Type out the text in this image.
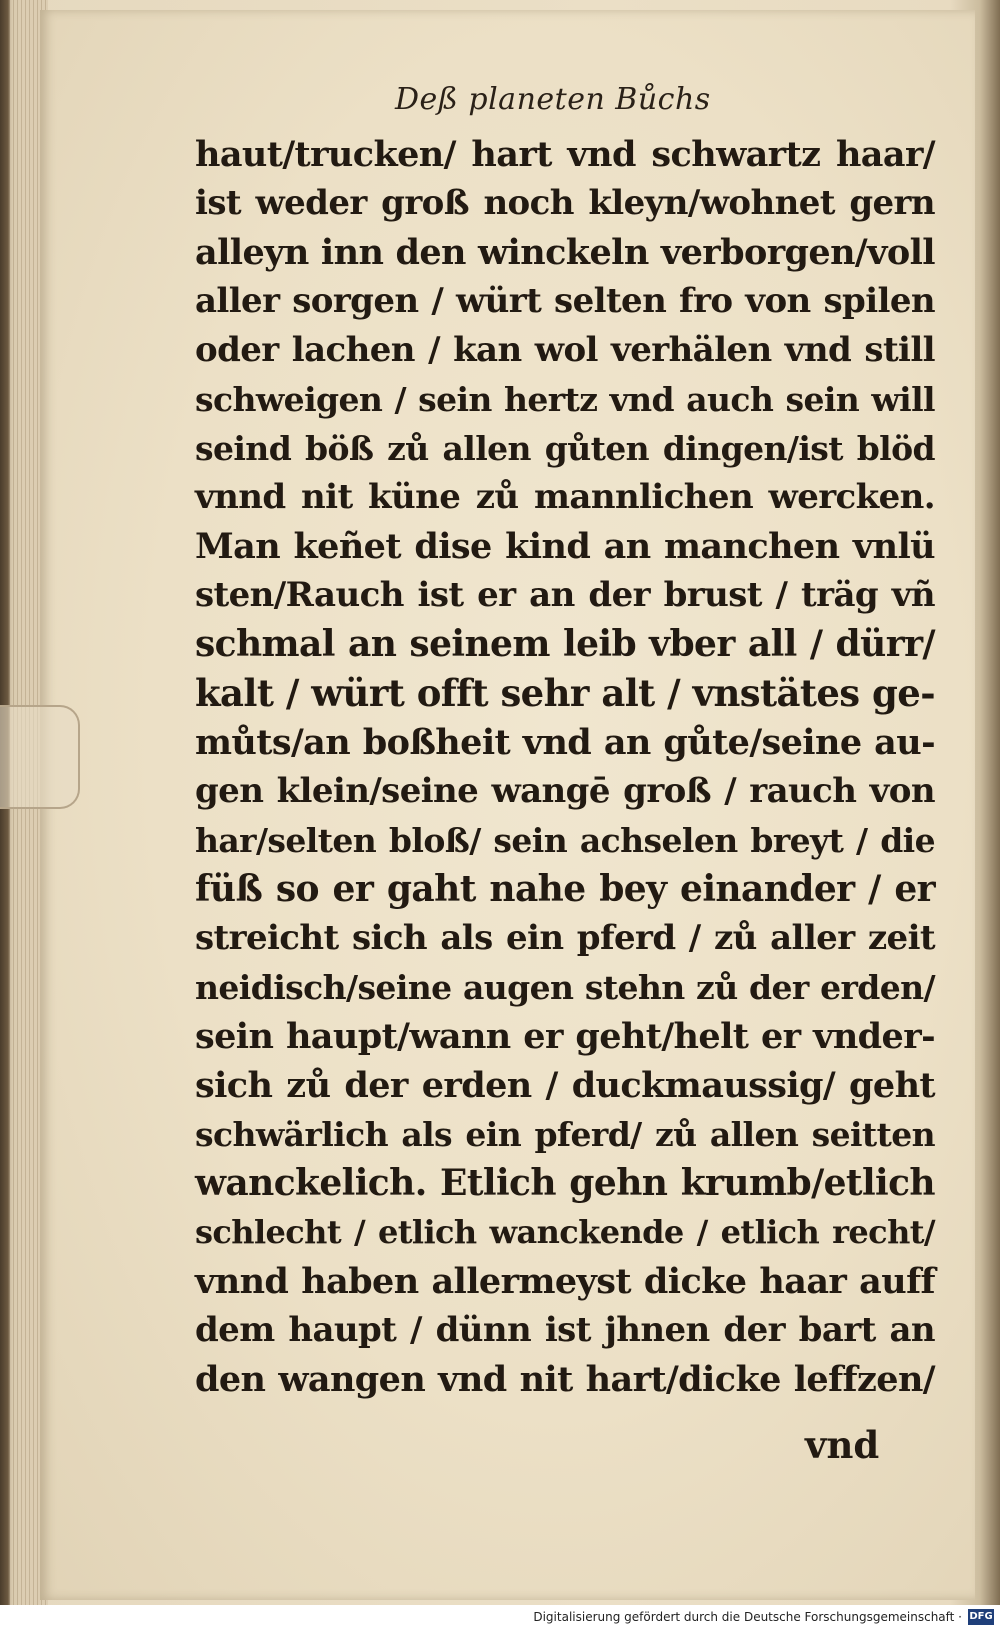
Deß planeten Bůchs
haut/trucken/ hart vnd schwartz haar/
ist weder groß noch kleyn/wohnet gern
alleyn inn den winckeln verborgen/voll
aller sorgen / würt selten fro von spilen
oder lachen / kan wol verhälen vnd still
schweigen / sein hertz vnd auch sein will
seind böß zů allen gůten dingen/ist blöd
vnnd nit küne zů mannlichen wercken.
Man keñet dise kind an manchen vnlü
sten/Rauch ist er an der brust / träg vñ
schmal an seinem leib vber all / dürr/
kalt / würt offt sehr alt / vnstätes ge-
můts/an boßheit vnd an gůte/seine au-
gen klein/seine wangē groß / rauch von
har/selten bloß/ sein achselen breyt / die
füß so er gaht nahe bey einander / er
streicht sich als ein pferd / zů aller zeit
neidisch/seine augen stehn zů der erden/
sein haupt/wann er geht/helt er vnder-
sich zů der erden / duckmaussig/ geht
schwärlich als ein pferd/ zů allen seitten
wanckelich. Etlich gehn krumb/etlich
schlecht / etlich wanckende / etlich recht/
vnnd haben allermeyst dicke haar auff
dem haupt / dünn ist jhnen der bart an
den wangen vnd nit hart/dicke leffzen/
vnd
Digitalisierung gefördert durch die Deutsche Forschungsgemeinschaft · DFG
